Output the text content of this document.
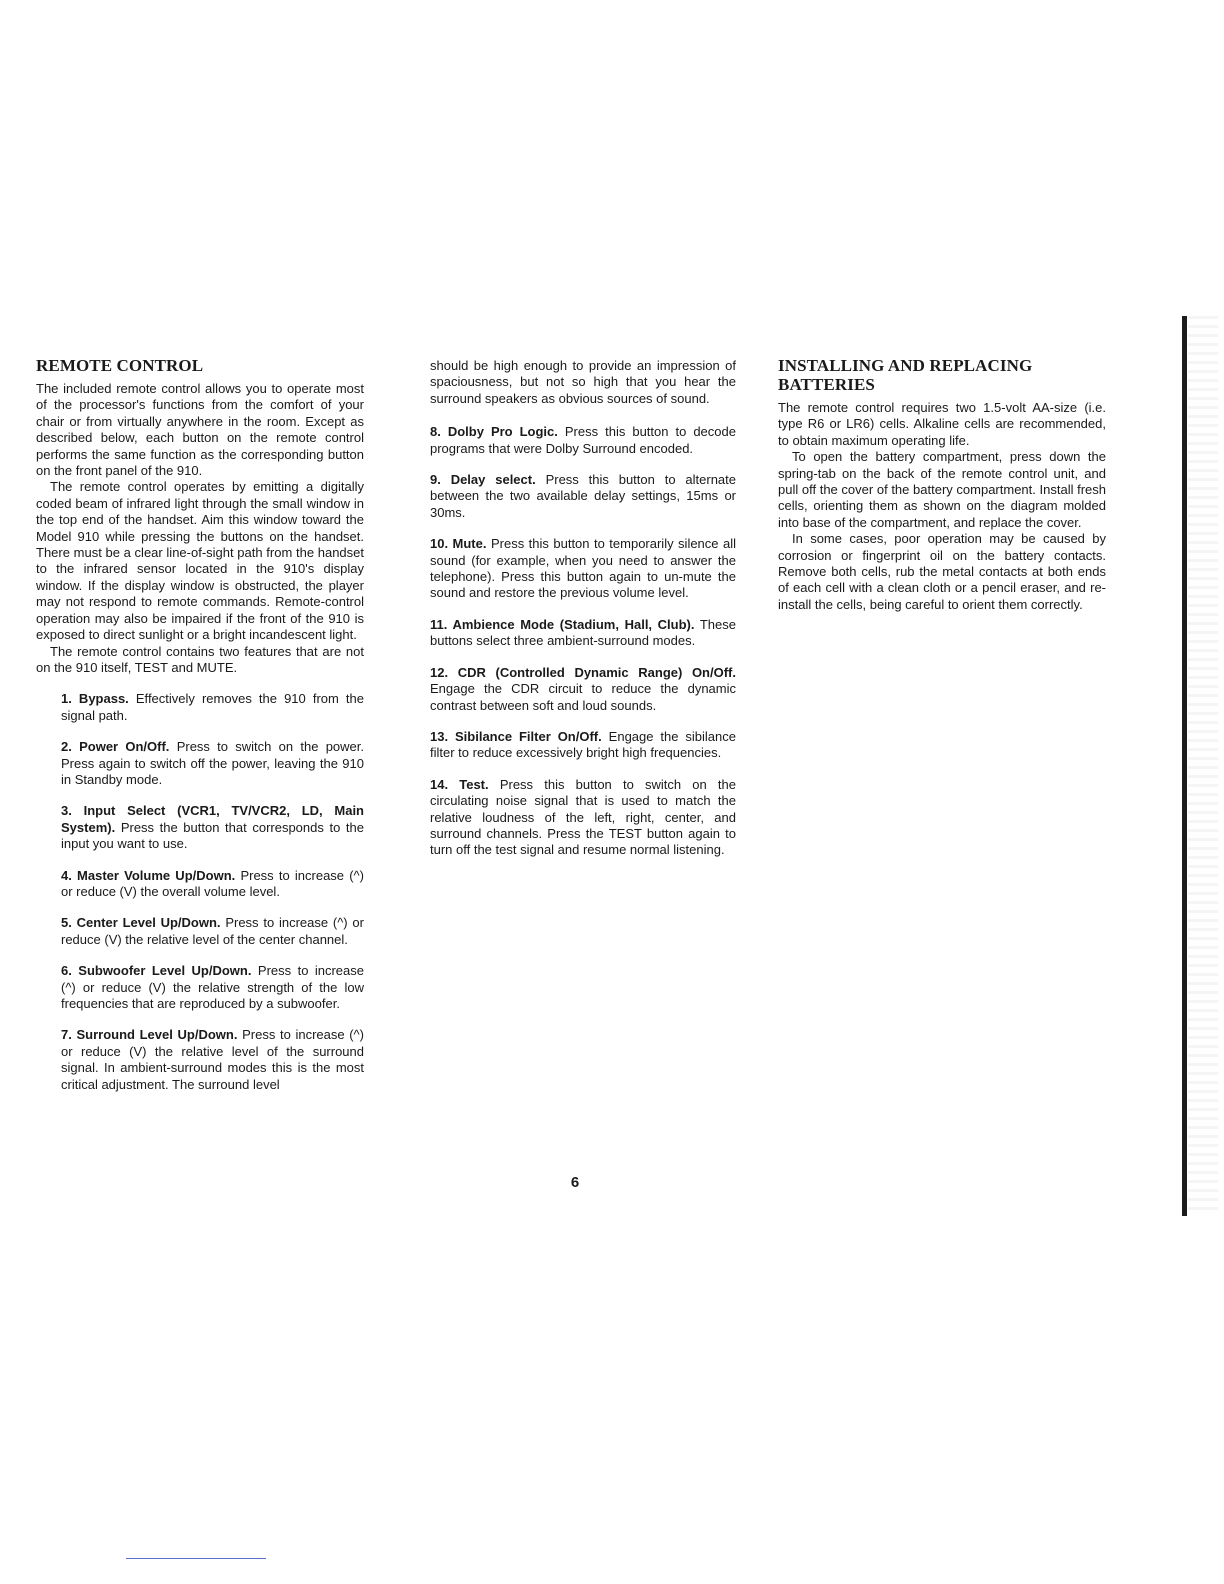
REMOTE CONTROL

The included remote control allows you to operate most of the processor's functions from the comfort of your chair or from virtually anywhere in the room. Except as described below, each button on the remote control performs the same function as the corresponding button on the front panel of the 910.

The remote control operates by emitting a digitally coded beam of infrared light through the small window in the top end of the handset. Aim this window toward the Model 910 while pressing the buttons on the handset. There must be a clear line-of-sight path from the handset to the infrared sensor located in the 910's display window. If the display window is obstructed, the player may not respond to remote commands. Remote-control operation may also be impaired if the front of the 910 is exposed to direct sunlight or a bright incandescent light.

The remote control contains two features that are not on the 910 itself, TEST and MUTE.

1. Bypass. Effectively removes the 910 from the signal path.
2. Power On/Off. Press to switch on the power. Press again to switch off the power, leaving the 910 in Standby mode.
3. Input Select (VCR1, TV/VCR2, LD, Main System). Press the button that corresponds to the input you want to use.
4. Master Volume Up/Down. Press to increase (^) or reduce (V) the overall volume level.
5. Center Level Up/Down. Press to increase (^) or reduce (V) the relative level of the center channel.
6. Subwoofer Level Up/Down. Press to increase (^) or reduce (V) the relative strength of the low frequencies that are reproduced by a subwoofer.
7. Surround Level Up/Down. Press to increase (^) or reduce (V) the relative level of the surround signal. In ambient-surround modes this is the most critical adjustment. The surround level
should be high enough to provide an impression of spaciousness, but not so high that you hear the surround speakers as obvious sources of sound.
8. Dolby Pro Logic. Press this button to decode programs that were Dolby Surround encoded.
9. Delay select. Press this button to alternate between the two available delay settings, 15ms or 30ms.
10. Mute. Press this button to temporarily silence all sound (for example, when you need to answer the telephone). Press this button again to un-mute the sound and restore the previous volume level.
11. Ambience Mode (Stadium, Hall, Club). These buttons select three ambient-surround modes.
12. CDR (Controlled Dynamic Range) On/Off. Engage the CDR circuit to reduce the dynamic contrast between soft and loud sounds.
13. Sibilance Filter On/Off. Engage the sibilance filter to reduce excessively bright high frequencies.
14. Test. Press this button to switch on the circulating noise signal that is used to match the relative loudness of the left, right, center, and surround channels. Press the TEST button again to turn off the test signal and resume normal listening.
INSTALLING AND REPLACING BATTERIES

The remote control requires two 1.5-volt AA-size (i.e. type R6 or LR6) cells. Alkaline cells are recommended, to obtain maximum operating life.

To open the battery compartment, press down the spring-tab on the back of the remote control unit, and pull off the cover of the battery compartment. Install fresh cells, orienting them as shown on the diagram molded into base of the compartment, and replace the cover.

In some cases, poor operation may be caused by corrosion or fingerprint oil on the battery contacts. Remove both cells, rub the metal contacts at both ends of each cell with a clean cloth or a pencil eraser, and re-install the cells, being careful to orient them correctly.

6
